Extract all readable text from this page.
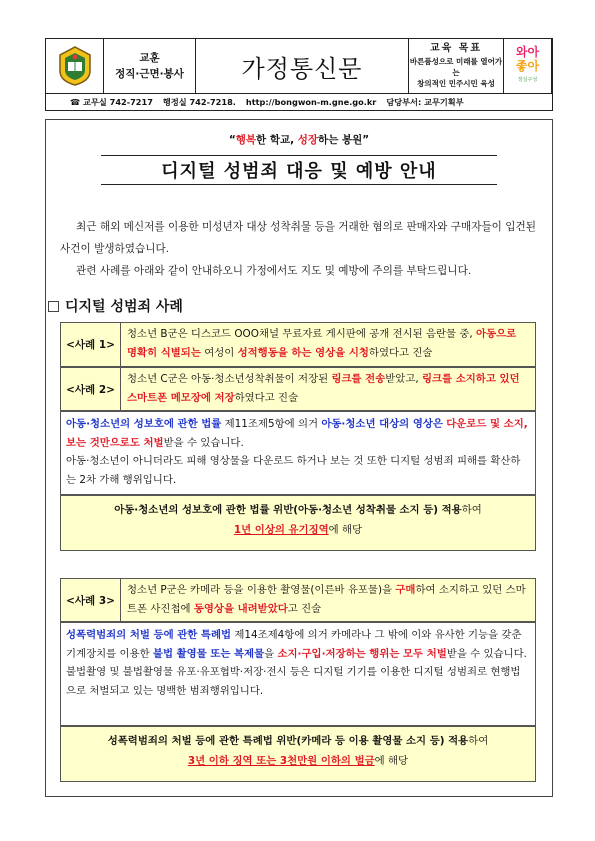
교훈
정직·근면·봉사	가정통신문
교육 목표
바른품성으로 미래를 열어가는
창의적인 민주시민 육성
와아
좋아
장실구성
☎ 교무실 742-7217 행정실 742-7218. http://bongwon-m.gne.go.kr 담당부서: 교무기획부
“행복한 학교, 성장하는 봉원”
디지털 성범죄 대응 및 예방 안내
최근 해외 메신저를 이용한 미성년자 대상 성착취물 등을 거래한 혐의로 판매자와 구매자들이 입건된 사건이 발생하였습니다.
관련 사례를 아래와 같이 안내하오니 가정에서도 지도 및 예방에 주의를 부탁드립니다.
디지털 성범죄 사례
<사례 1>
청소년 B군은 디스코드 OOO채널 무료자료 게시판에 공개 전시된 음란물 중, 아동으로 명확히 식별되는 여성이 성적행동을 하는 영상을 시청하였다고 진술
<사례 2>
청소년 C군은 아동·청소년성착취물이 저장된 링크를 전송받았고, 링크를 소지하고 있던 스마트폰 메모장에 저장하였다고 진술
아동·청소년의 성보호에 관한 법률 제11조제5항에 의거 아동·청소년 대상의 영상은 다운로드 및 소지, 보는 것만으로도 처벌받을 수 있습니다.
아동·청소년이 아니더라도 피해 영상물을 다운로드 하거나 보는 것 또한 디지털 성범죄 피해를 확산하는 2차 가해 행위입니다.
아동·청소년의 성보호에 관한 법률 위반(아동·청소년 성착취물 소지 등) 적용하여
1년 이상의 유기징역에 해당
<사례 3>
청소년 P군은 카메라 등을 이용한 촬영물(이른바 유포물)을 구매하여 소지하고 있던 스마트폰 사진첩에 동영상을 내려받았다고 진술
성폭력범죄의 처벌 등에 관한 특례법 제14조제4항에 의거 카메라나 그 밖에 이와 유사한 기능을 갖춘 기계장치를 이용한 불법 촬영물 또는 복제물을 소지·구입·저장하는 행위는 모두 처벌받을 수 있습니다.
불법촬영 및 불법촬영물 유포·유포협박·저장·전시 등은 디지털 기기를 이용한 디지털 성범죄로 현행법으로 처벌되고 있는 명백한 범죄행위입니다.
성폭력범죄의 처벌 등에 관한 특례법 위반(카메라 등 이용 촬영물 소지 등) 적용하여
3년 이하 징역 또는 3천만원 이하의 벌금에 해당
